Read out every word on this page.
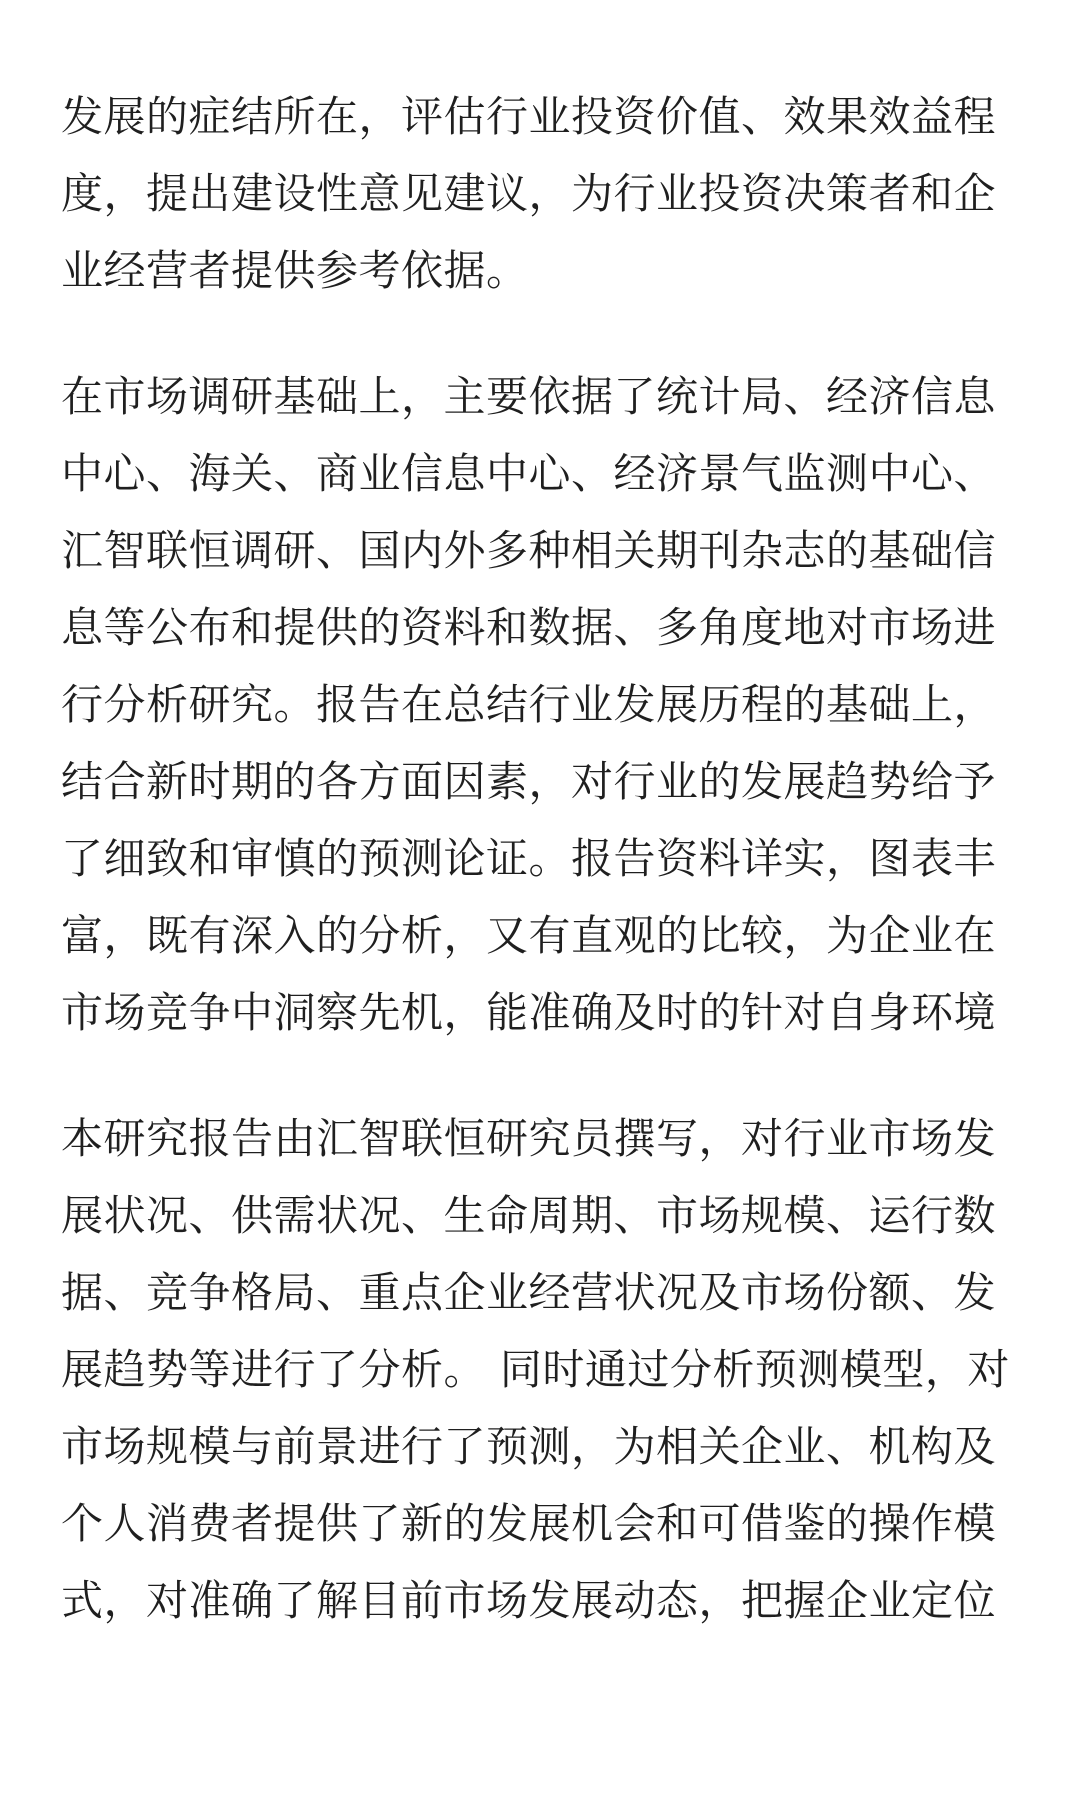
发展的症结所在，评估行业投资价值、效果效益程
度，提出建设性意见建议，为行业投资决策者和企
业经营者提供参考依据。

在市场调研基础上，主要依据了统计局、经济信息
中心、海关、商业信息中心、经济景气监测中心、
汇智联恒调研、国内外多种相关期刊杂志的基础信
息等公布和提供的资料和数据、多角度地对市场进
行分析研究。报告在总结行业发展历程的基础上，
结合新时期的各方面因素，对行业的发展趋势给予
了细致和审慎的预测论证。报告资料详实，图表丰
富，既有深入的分析，又有直观的比较，为企业在
市场竞争中洞察先机，能准确及时的针对自身环境

本研究报告由汇智联恒研究员撰写，对行业市场发
展状况、供需状况、生命周期、市场规模、运行数
据、竞争格局、重点企业经营状况及市场份额、发
展趋势等进行了分析。 同时通过分析预测模型，对
市场规模与前景进行了预测，为相关企业、机构及
个人消费者提供了新的发展机会和可借鉴的操作模
式，对准确了解目前市场发展动态，把握企业定位
